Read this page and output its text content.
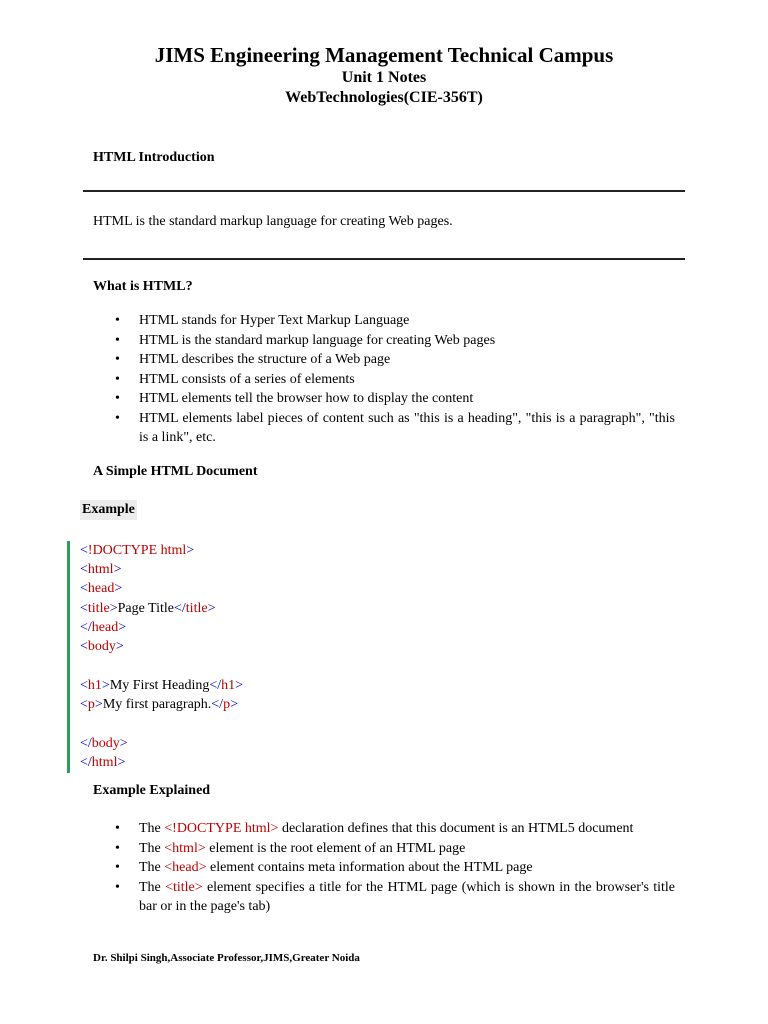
JIMS Engineering Management Technical Campus
Unit 1 Notes
WebTechnologies(CIE-356T)
HTML Introduction
HTML is the standard markup language for creating Web pages.
What is HTML?
• HTML stands for Hyper Text Markup Language
• HTML is the standard markup language for creating Web pages
• HTML describes the structure of a Web page
• HTML consists of a series of elements
• HTML elements tell the browser how to display the content
• HTML elements label pieces of content such as "this is a heading", "this is a paragraph", "this is a link", etc.
A Simple HTML Document
Example
<!DOCTYPE html>
<html>
<head>
<title>Page Title</title>
</head>
<body>
<h1>My First Heading</h1>
<p>My first paragraph.</p>
</body>
</html>
Example Explained
• The <!DOCTYPE html> declaration defines that this document is an HTML5 document
• The <html> element is the root element of an HTML page
• The <head> element contains meta information about the HTML page
• The <title> element specifies a title for the HTML page (which is shown in the browser's title bar or in the page's tab)
Dr. Shilpi Singh,Associate Professor,JIMS,Greater Noida
